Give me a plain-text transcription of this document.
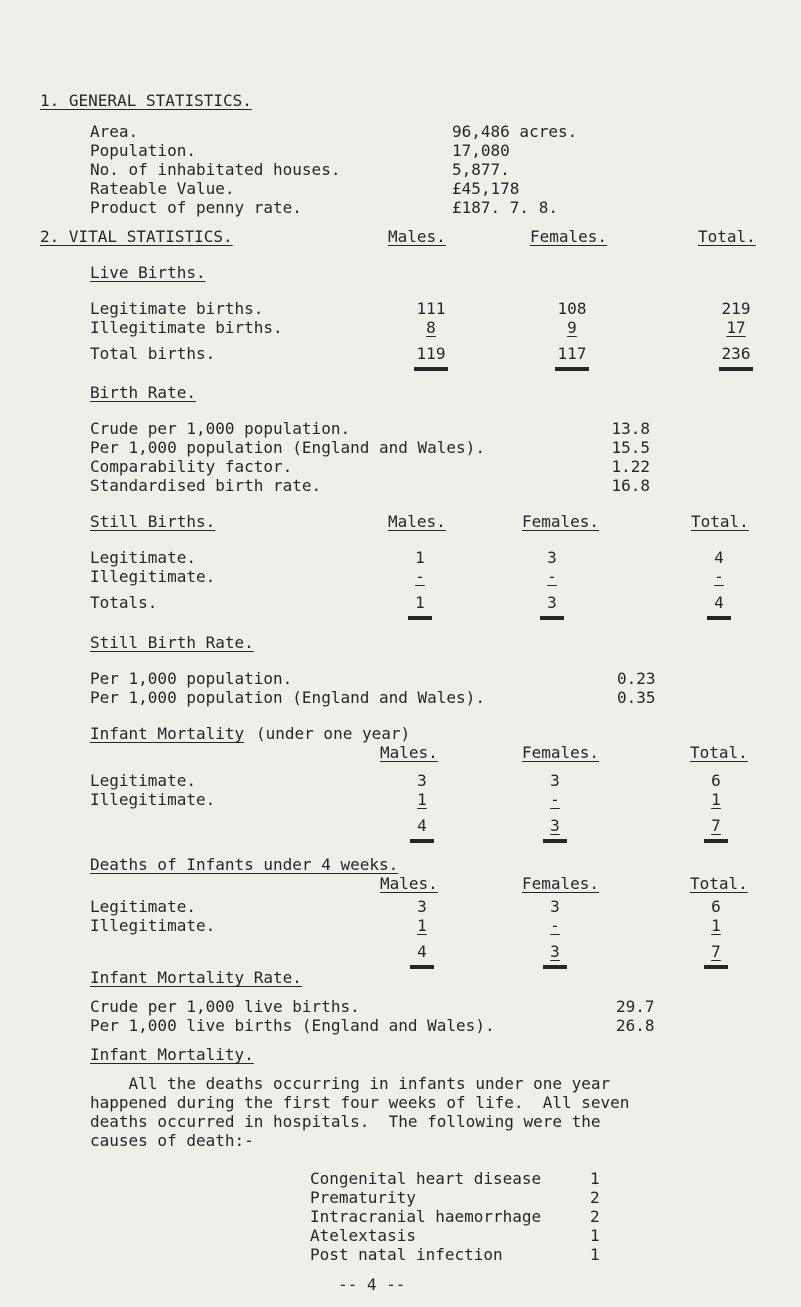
1. GENERAL STATISTICS.
Area.	96,486 acres.
Population.	17,080
No. of inhabitated houses.	5,877.
Rateable Value.	£45,178
Product of penny rate.	£187. 7. 8.
2. VITAL STATISTICS.	Males.	Females.	Total.
Live Births.
Legitimate births.	111	108	219
Illegitimate births.	8	9	17
Total births.	119	117	236
Birth Rate.
Crude per 1,000 population.	13.8
Per 1,000 population (England and Wales).	15.5
Comparability factor.	1.22
Standardised birth rate.	16.8
Still Births.	Males.	Females.	Total.
Legitimate.	1	3	4
Illegitimate.	-	-	-
Totals.	1	3	4
Still Birth Rate.
Per 1,000 population.	0.23
Per 1,000 population (England and Wales).	0.35
Infant Mortality (under one year)
Males.	Females.	Total.
Legitimate.	3	3	6
Illegitimate.	1	-	1
4	3	7
Deaths of Infants under 4 weeks.
Males.	Females.	Total.
Legitimate.	3	3	6
Illegitimate.	1	-	1
4	3	7
Infant Mortality Rate.
Crude per 1,000 live births.	29.7
Per 1,000 live births (England and Wales).	26.8
Infant Mortality.
All the deaths occurring in infants under one year
happened during the first four weeks of life.  All seven
deaths occurred in hospitals.  The following were the
causes of death:-
Congenital heart disease	1
Prematurity	2
Intracranial haemorrhage	2
Atelextasis	1
Post natal infection	1
-- 4 --
